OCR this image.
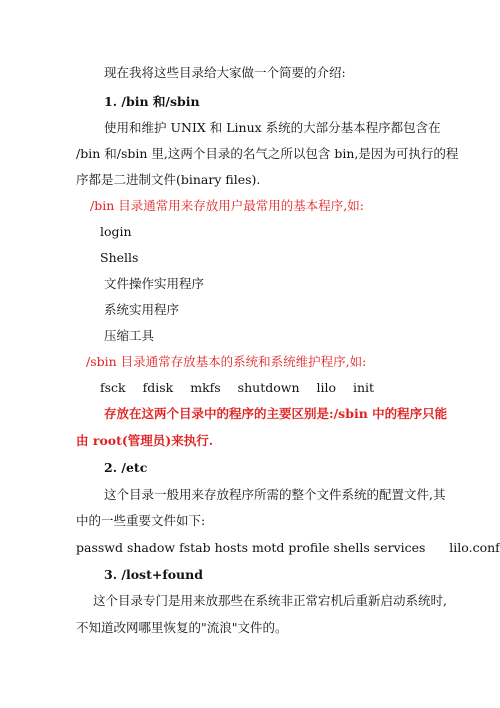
现在我将这些目录给大家做一个简要的介绍:
1. /bin 和/sbin
使用和维护 UNIX 和 Linux 系统的大部分基本程序都包含在
/bin 和/sbin 里,这两个目录的名气之所以包含 bin,是因为可执行的程
序都是二进制文件(binary files).
/bin 目录通常用来存放用户最常用的基本程序,如:
login
Shells
文件操作实用程序
系统实用程序
压缩工具
/sbin 目录通常存放基本的系统和系统维护程序,如:
fsck fdisk mkfs shutdown lilo init
存放在这两个目录中的程序的主要区别是:/sbin 中的程序只能
由 root(管理员)来执行.
2. /etc
这个目录一般用来存放程序所需的整个文件系统的配置文件,其
中的一些重要文件如下:
passwd shadow fstab hosts motd profile shells services      lilo.conf
3. /lost+found
这个目录专门是用来放那些在系统非正常宕机后重新启动系统时,
不知道改网哪里恢复的"流浪"文件的。
